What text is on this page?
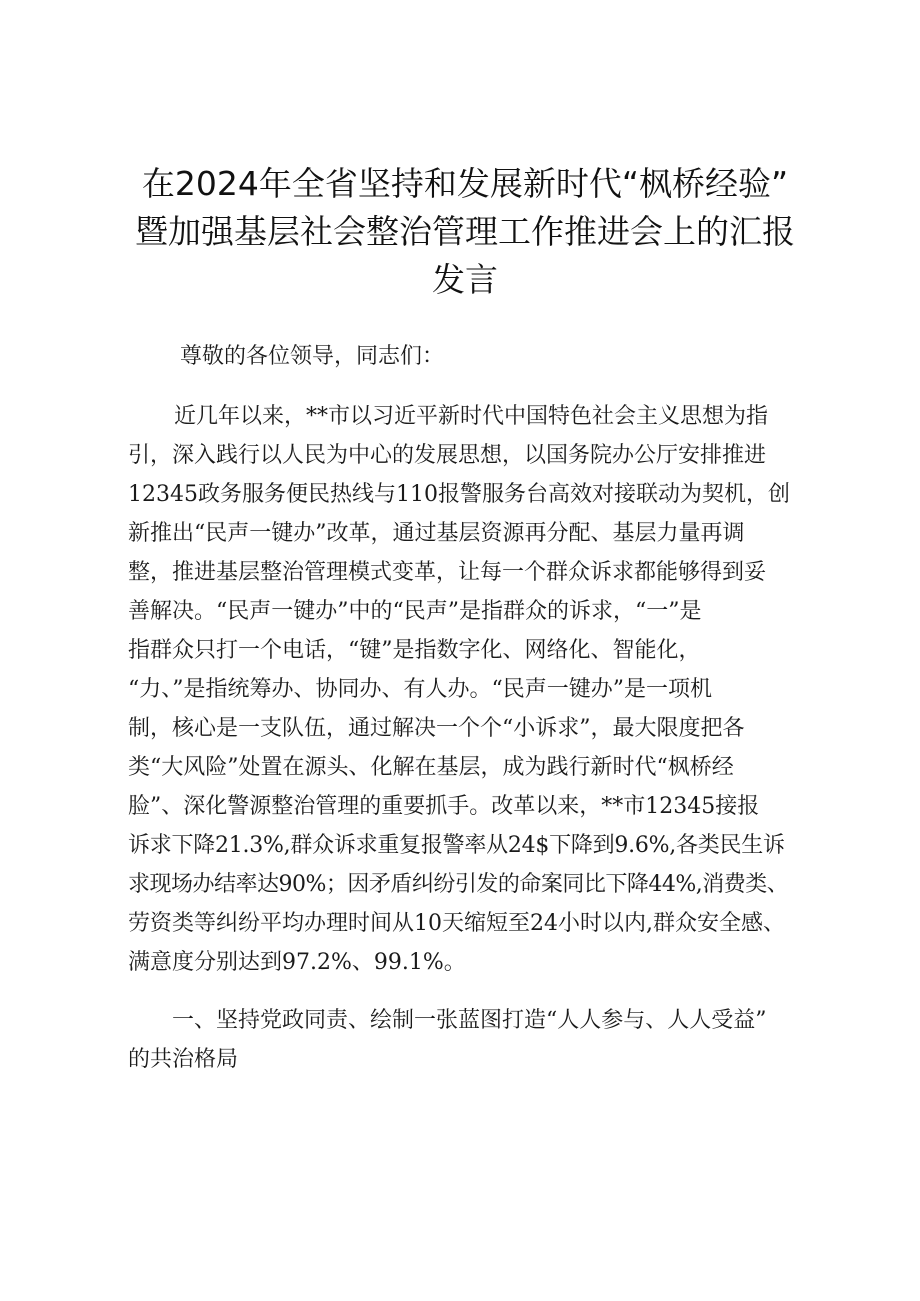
在2024年全省坚持和发展新时代“枫桥经验”
暨加强基层社会整治管理工作推进会上的汇报
发言
尊敬的各位领导，同志们：
近几年以来，**市以习近平新时代中国特色社会主义思想为指
引，深入践行以人民为中心的发展思想，以国务院办公厅安排推进
12345政务服务便民热线与110报警服务台高效对接联动为契机，创
新推出“民声一键办”改革，通过基层资源再分配、基层力量再调
整，推进基层整治管理模式变革，让每一个群众诉求都能够得到妥
善解决。“民声一键办”中的“民声”是指群众的诉求，“一”是
指群众只打一个电话，“键”是指数字化、网络化、智能化，
“力、”是指统筹办、协同办、有人办。“民声一键办”是一项机
制，核心是一支队伍，通过解决一个个“小诉求”，最大限度把各
类“大风险”处置在源头、化解在基层，成为践行新时代“枫桥经
脸”、深化警源整治管理的重要抓手。改革以来，**市12345接报
诉求下降21.3%,群众诉求重复报警率从24$下降到9.6%,各类民生诉
求现场办结率达90%；因矛盾纠纷引发的命案同比下降44%,消费类、
劳资类等纠纷平均办理时间从10天缩短至24小时以内,群众安全感、
满意度分别达到97.2%、99.1%。
一、坚持党政同责、绘制一张蓝图打造“人人参与、人人受益”
的共治格局
